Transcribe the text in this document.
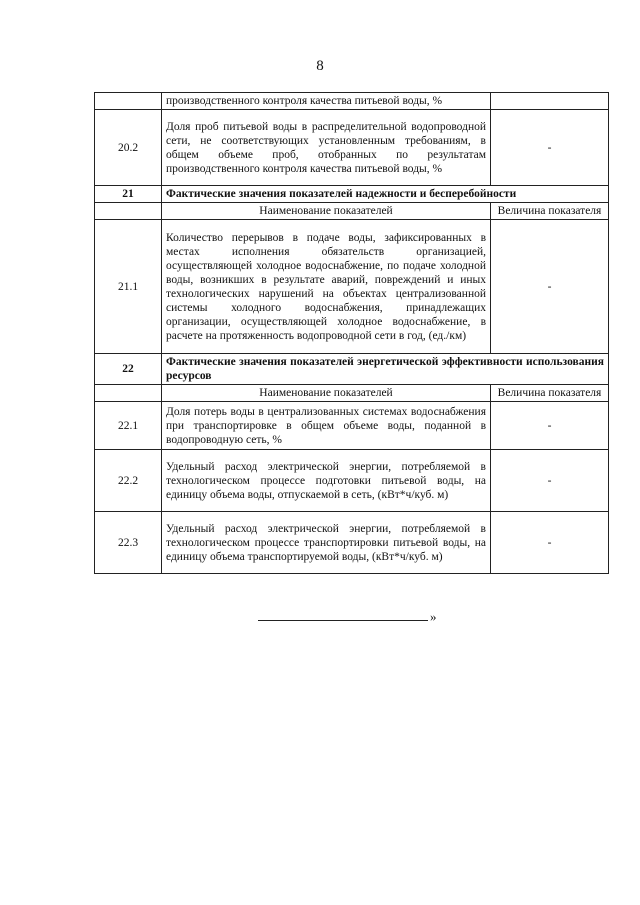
8
	производственного контроля качества питьевой воды, %	
20.2	Доля проб питьевой воды в распределительной водопроводной сети, не соответствующих установленным требованиям, в общем объеме проб, отобранных по результатам производственного контроля качества питьевой воды, %	-
21	Фактические значения показателей надежности и бесперебойности	
	Наименование показателей	Величина показателя
21.1	Количество перерывов в подаче воды, зафиксированных в местах исполнения обязательств организацией, осуществляющей холодное водоснабжение, по подаче холодной воды, возникших в результате аварий, повреждений и иных технологических нарушений на объектах централизованной системы холодного водоснабжения, принадлежащих организации, осуществляющей холодное водоснабжение, в расчете на протяженность водопроводной сети в год, (ед./км)	-
22	Фактические значения показателей энергетической эффективности использования ресурсов	
	Наименование показателей	Величина показателя
22.1	Доля потерь воды в централизованных системах водоснабжения при транспортировке в общем объеме воды, поданной в водопроводную сеть, %	-
22.2	Удельный расход электрической энергии, потребляемой в технологическом процессе подготовки питьевой воды, на единицу объема воды, отпускаемой в сеть, (кВт*ч/куб. м)	-
22.3	Удельный расход электрической энергии, потребляемой в технологическом процессе транспортировки питьевой воды, на единицу объема транспортируемой воды, (кВт*ч/куб. м)	-
»
